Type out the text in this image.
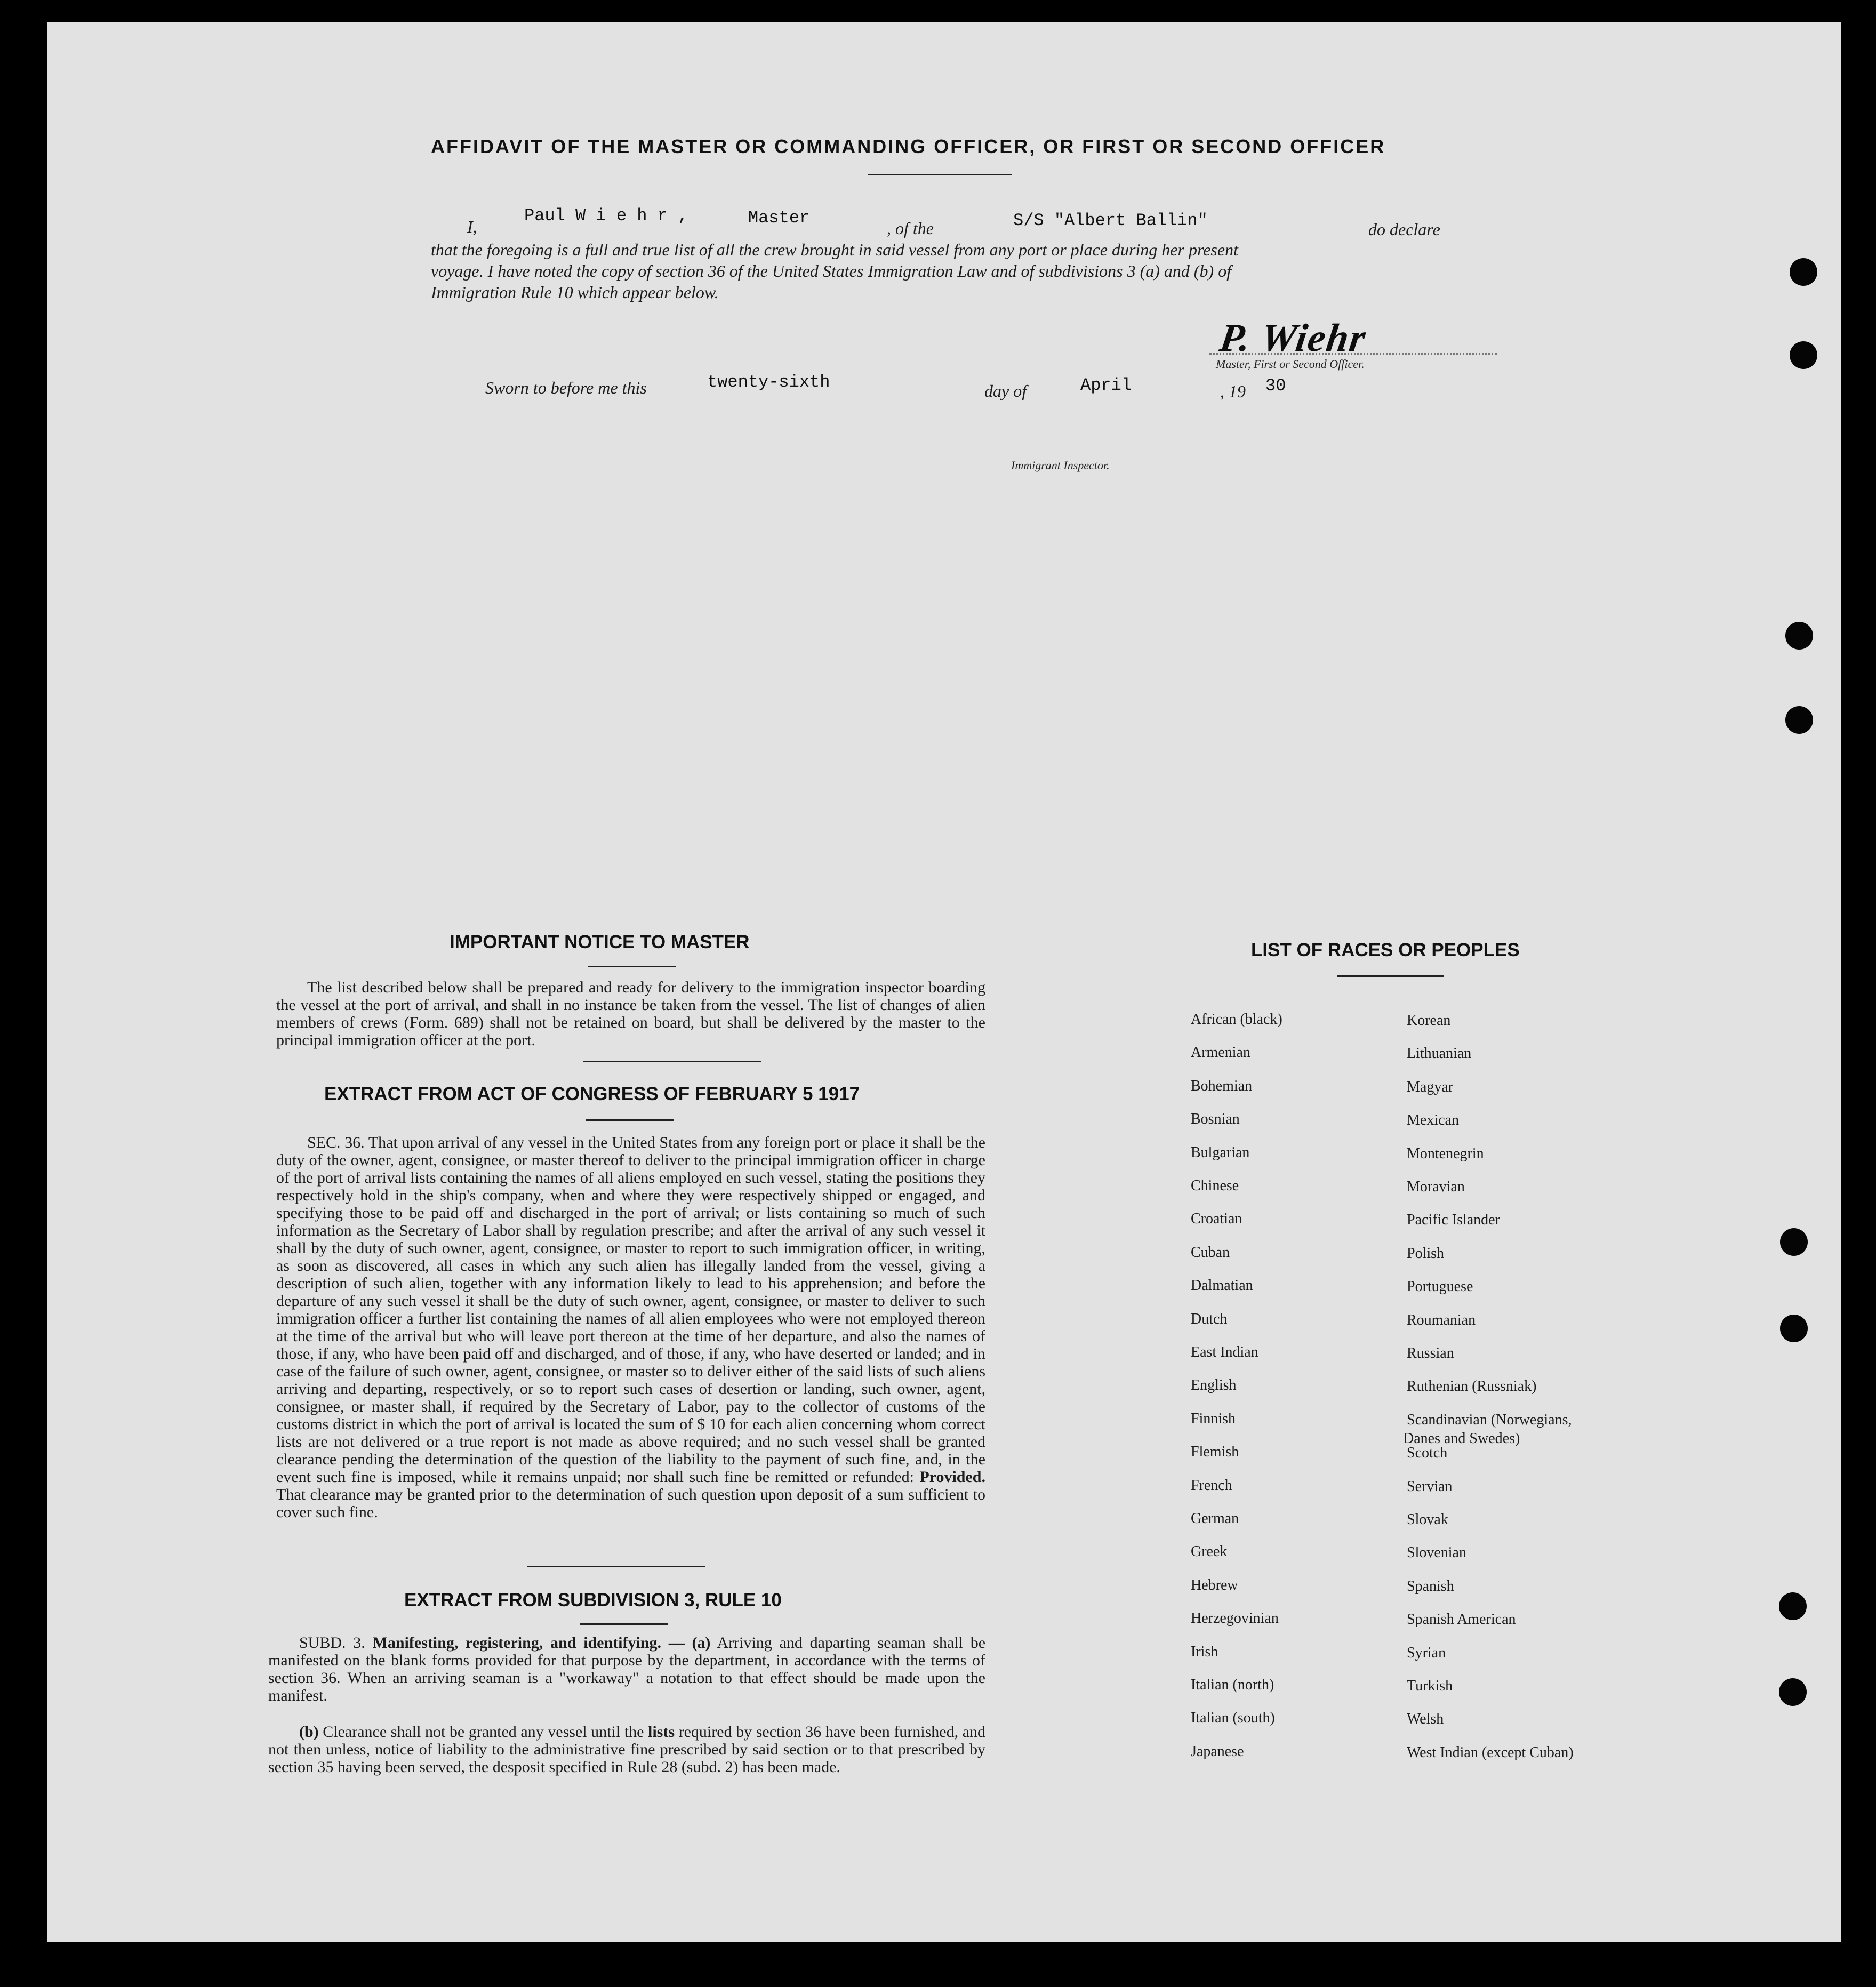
AFFIDAVIT OF THE MASTER OR COMMANDING OFFICER, OR FIRST OR SECOND OFFICER
I,
Paul W i e h r ,	Master
, of the	S/S "Albert Ballin"	do declare
that the foregoing is a full and true list of all the crew brought in said vessel from any port or place during her present
voyage. I have noted the copy of section 36 of the United States Immigration Law and of subdivisions 3 (a) and (b) of
Immigration Rule 10 which appear below.
P. Wiehr
Master, First or Second Officer.
Sworn to before me this	twenty-sixth	day of	April	, 19 30
Immigrant Inspector.
IMPORTANT NOTICE TO MASTER
The list described below shall be prepared and ready for delivery to the immigration inspector boarding the vessel at the port of arrival, and shall in no instance be taken from the vessel. The list of changes of alien members of crews (Form. 689) shall not be retained on board, but shall be delivered by the master to the principal immigration officer at the port.
EXTRACT FROM ACT OF CONGRESS OF FEBRUARY 5 1917
SEC. 36. That upon arrival of any vessel in the United States from any foreign port or place it shall be the duty of the owner, agent, consignee, or master thereof to deliver to the principal immigration officer in charge of the port of arrival lists containing the names of all aliens employed en such vessel, stating the positions they respectively hold in the ship's company, when and where they were respectively shipped or engaged, and specifying those to be paid off and discharged in the port of arrival; or lists containing so much of such information as the Secretary of Labor shall by regulation prescribe; and after the arrival of any such vessel it shall by the duty of such owner, agent, consignee, or master to report to such immigration officer, in writing, as soon as discovered, all cases in which any such alien has illegally landed from the vessel, giving a description of such alien, together with any information likely to lead to his apprehension; and before the departure of any such vessel it shall be the duty of such owner, agent, consignee, or master to deliver to such immigration officer a further list containing the names of all alien employees who were not employed thereon at the time of the arrival but who will leave port thereon at the time of her departure, and also the names of those, if any, who have been paid off and discharged, and of those, if any, who have deserted or landed; and in case of the failure of such owner, agent, consignee, or master so to deliver either of the said lists of such aliens arriving and departing, respectively, or so to report such cases of desertion or landing, such owner, agent, consignee, or master shall, if required by the Secretary of Labor, pay to the collector of customs of the customs district in which the port of arrival is located the sum of $ 10 for each alien concerning whom correct lists are not delivered or a true report is not made as above required; and no such vessel shall be granted clearance pending the determination of the question of the liability to the payment of such fine, and, in the event such fine is imposed, while it remains unpaid; nor shall such fine be remitted or refunded: Provided. That clearance may be granted prior to the determination of such question upon deposit of a sum sufficient to cover such fine.
EXTRACT FROM SUBDIVISION 3, RULE 10
SUBD. 3. Manifesting, registering, and identifying. — (a) Arriving and daparting seaman shall be manifested on the blank forms provided for that purpose by the department, in accordance with the terms of section 36. When an arriving seaman is a "workaway" a notation to that effect should be made upon the manifest.
(b) Clearance shall not be granted any vessel until the lists required by section 36 have been furnished, and not then unless, notice of liability to the administrative fine prescribed by said section or to that prescribed by section 35 having been served, the desposit specified in Rule 28 (subd. 2) has been made.
LIST OF RACES OR PEOPLES
African (black)
Armenian
Bohemian
Bosnian
Bulgarian
Chinese
Croatian
Cuban
Dalmatian
Dutch
East Indian
English
Finnish
Flemish
French
German
Greek
Hebrew
Herzegovinian
Irish
Italian (north)
Italian (south)
Japanese
Korean
Lithuanian
Magyar
Mexican
Montenegrin
Moravian
Pacific Islander
Polish
Portuguese
Roumanian
Russian
Ruthenian (Russniak)
Scandinavian (Norwegians,
Scotch
Servian
Slovak
Slovenian
Spanish
Spanish American
Syrian
Turkish
Welsh
West Indian (except Cuban)
Danes and Swedes)
